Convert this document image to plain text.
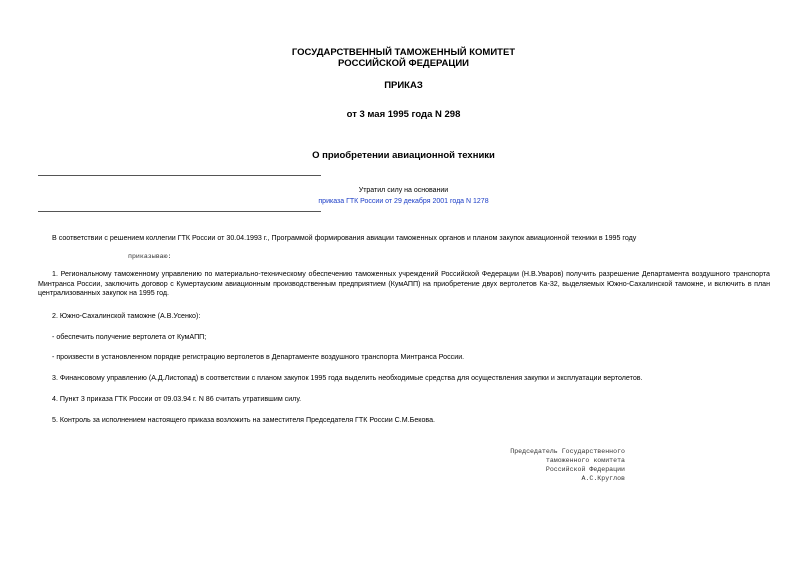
ГОСУДАРСТВЕННЫЙ ТАМОЖЕННЫЙ КОМИТЕТ
РОССИЙСКОЙ ФЕДЕРАЦИИ
ПРИКАЗ
от 3 мая 1995 года N 298
О приобретении авиационной техники
Утратил силу на основании
приказа ГТК России от 29 декабря 2001 года N 1278
В соответствии с решением коллегии ГТК России от 30.04.1993 г., Программой формирования авиации таможенных органов и планом закупок авиационной техники в 1995 году
приказываю:
1. Региональному таможенному управлению по материально-техническому обеспечению таможенных учреждений Российской Федерации (Н.В.Уваров) получить разрешение Департамента воздушного транспорта Минтранса России, заключить договор с Кумертауским авиационным производственным предприятием (КумАПП) на приобретение двух вертолетов Ка-32, выделяемых Южно-Сахалинской таможне, и включить в план централизованных закупок на 1995 год.
2. Южно-Сахалинской таможне (А.В.Усенко):
- обеспечить получение вертолета от КумАПП;
- произвести в установленном порядке регистрацию вертолетов в Департаменте воздушного транспорта Минтранса России.
3. Финансовому управлению (А.Д.Листопад) в соответствии с планом закупок 1995 года выделить необходимые средства для осуществления закупки и эксплуатации вертолетов.
4. Пункт 3 приказа ГТК России от 09.03.94 г. N 86 считать утратившим силу.
5. Контроль за исполнением настоящего приказа возложить на заместителя Председателя ГТК России С.М.Бекова.
Председатель Государственного
таможенного комитета
Российской Федерации
А.С.Круглов
